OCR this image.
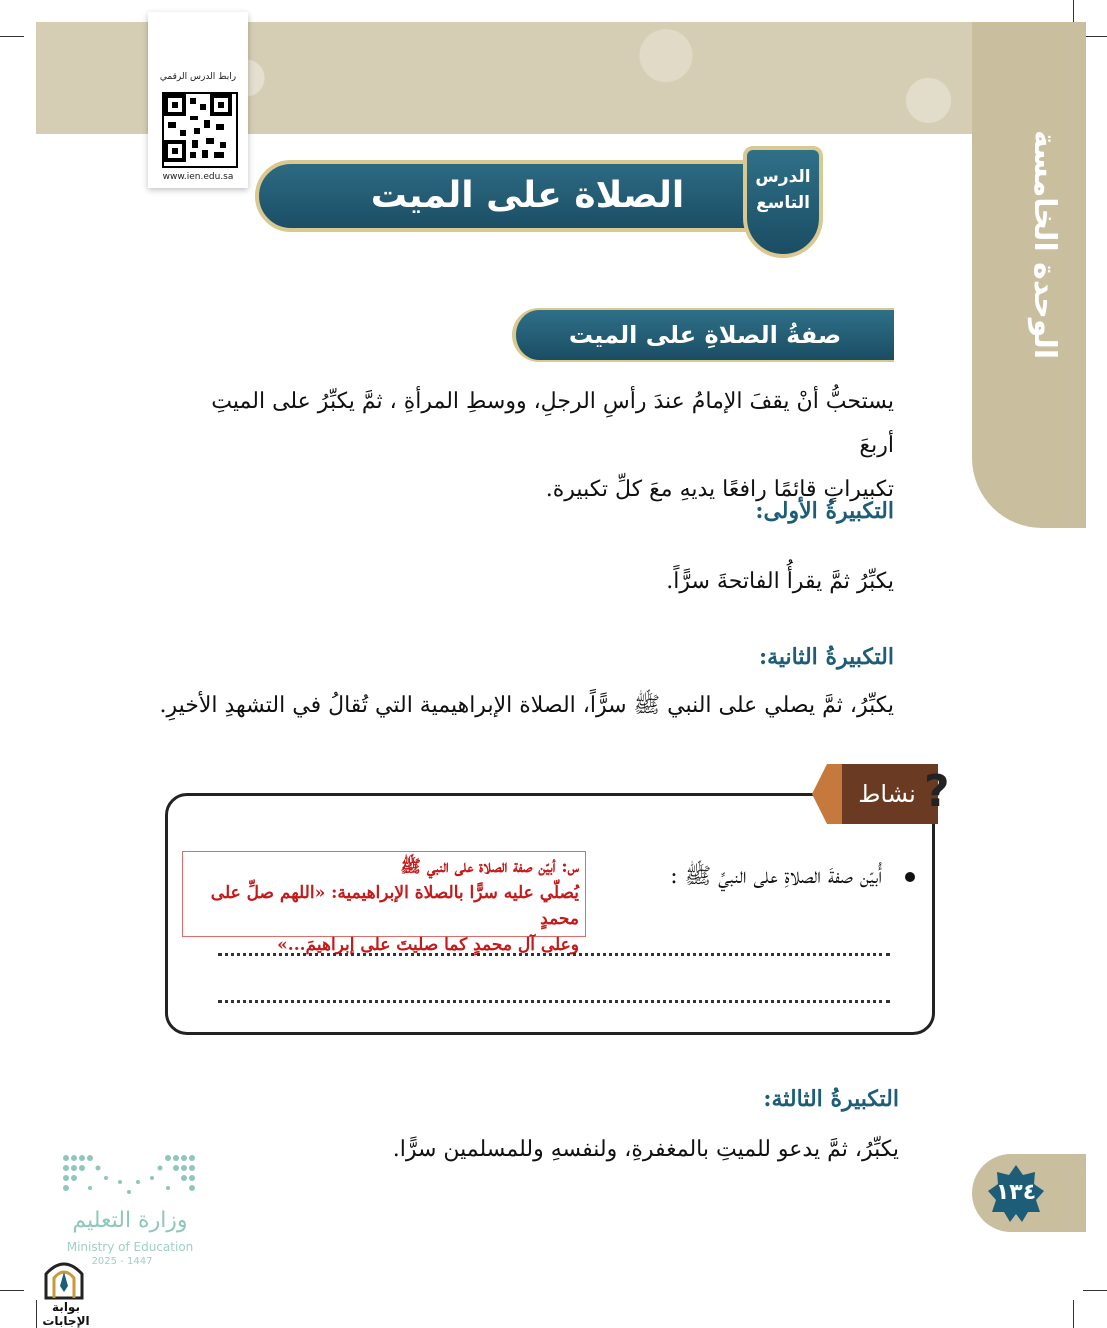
الوحدة الخامسة
رابط الدرس الرقمي
www.ien.edu.sa	الصلاة على الميت	الدرس
التاسع
صفةُ الصلاةِ على الميت
يستحبُّ أنْ يقفَ الإمامُ عندَ رأسِ الرجلِ، ووسطِ المرأةِ ، ثمَّ يكبِّرُ على الميتِ أربعَ
تكبيراتٍ قائمًا رافعًا يديهِ معَ كلِّ تكبيرة.
التكبيرةُ الأولى:
يكبِّرُ ثمَّ يقرأُ الفاتحةَ سرًّاً.
التكبيرةُ الثانية:
يكبِّرُ، ثمَّ يصلي على النبي ﷺ سرًّاً، الصلاة الإبراهيمية التي تُقالُ في التشهدِ الأخيرِ.
نشاط ?
أُبيّن صفةَ الصلاةِ على النبيِّ ﷺ :
س: أبيّن صفة الصلاة على النبي ﷺ
يُصلّي عليه سرًّا بالصلاة الإبراهيمية: «اللهم صلِّ على محمدٍ
وعلى آل محمدٍ كما صليتَ على إبراهيمَ...»
التكبيرةُ الثالثة:
يكبِّرُ، ثمَّ يدعو للميتِ بالمغفرةِ، ولنفسهِ وللمسلمين سرًّا.
١٣٤
وزارة التعليم
Ministry of Education
2025 - 1447
بوابة الإجابات
